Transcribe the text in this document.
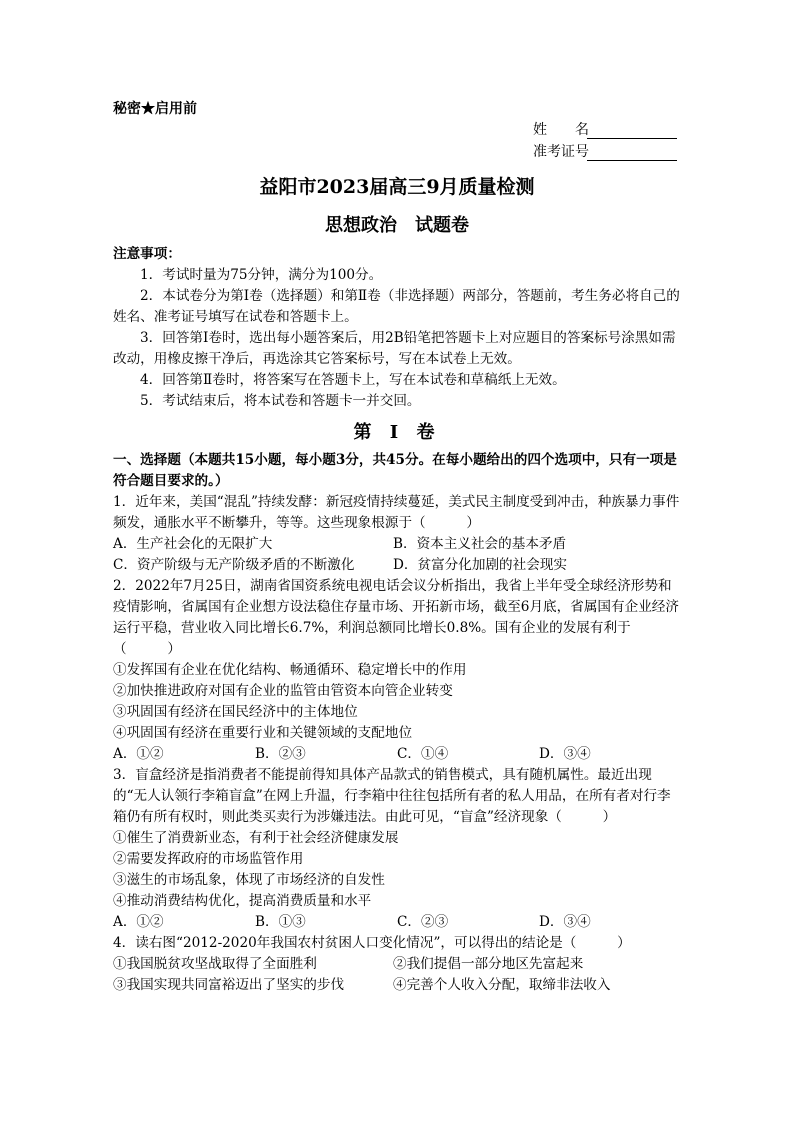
秘密★启用前
姓　　名
准考证号
益阳市2023届高三9月质量检测
思想政治　试题卷

注意事项：

1．考试时量为75分钟，满分为100分。

2．本试卷分为第Ⅰ卷（选择题）和第Ⅱ卷（非选择题）两部分，答题前，考生务必将自己的姓名、准考证号填写在试卷和答题卡上。

3．回答第Ⅰ卷时，选出每小题答案后，用2B铅笔把答题卡上对应题目的答案标号涂黑如需改动，用橡皮擦干净后，再选涂其它答案标号，写在本试卷上无效。

4．回答第Ⅱ卷时，将答案写在答题卡上，写在本试卷和草稿纸上无效。

5．考试结束后，将本试卷和答题卡一并交回。

第 Ⅰ 卷

一、选择题（本题共15小题，每小题3分，共45分。在每小题给出的四个选项中，只有一项是符合题目要求的。）

1．近年来，美国“混乱”持续发酵：新冠疫情持续蔓延，美式民主制度受到冲击，种族暴力事件频发，通胀水平不断攀升，等等。这些现象根源于（　　　）

A．生产社会化的无限扩大	B．资本主义社会的基本矛盾
C．资产阶级与无产阶级矛盾的不断激化	D．贫富分化加剧的社会现实

2．2022年7月25日，湖南省国资系统电视电话会议分析指出，我省上半年受全球经济形势和疫情影响，省属国有企业想方设法稳住存量市场、开拓新市场，截至6月底，省属国有企业经济运行平稳，营业收入同比增长6.7%，利润总额同比增长0.8%。国有企业的发展有利于（　　　）

①发挥国有企业在优化结构、畅通循环、稳定增长中的作用

②加快推进政府对国有企业的监管由管资本向管企业转变

③巩固国有经济在国民经济中的主体地位

④巩固国有经济在重要行业和关键领域的支配地位

A．①②	B．②③	C．①④	D．③④

3．盲盒经济是指消费者不能提前得知具体产品款式的销售模式，具有随机属性。最近出现的“无人认领行李箱盲盒”在网上升温，行李箱中往往包括所有者的私人用品，在所有者对行李箱仍有所有权时，则此类买卖行为涉嫌违法。由此可见，“盲盒”经济现象（　　　）

①催生了消费新业态，有利于社会经济健康发展

②需要发挥政府的市场监管作用

③滋生的市场乱象，体现了市场经济的自发性

④推动消费结构优化，提高消费质量和水平

A．①②	B．①③	C．②③	D．③④

4．读右图“2012-2020年我国农村贫困人口变化情况”，可以得出的结论是（　　　）

①我国脱贫攻坚战取得了全面胜利	②我们提倡一部分地区先富起来
③我国实现共同富裕迈出了坚实的步伐	④完善个人收入分配，取缔非法收入
